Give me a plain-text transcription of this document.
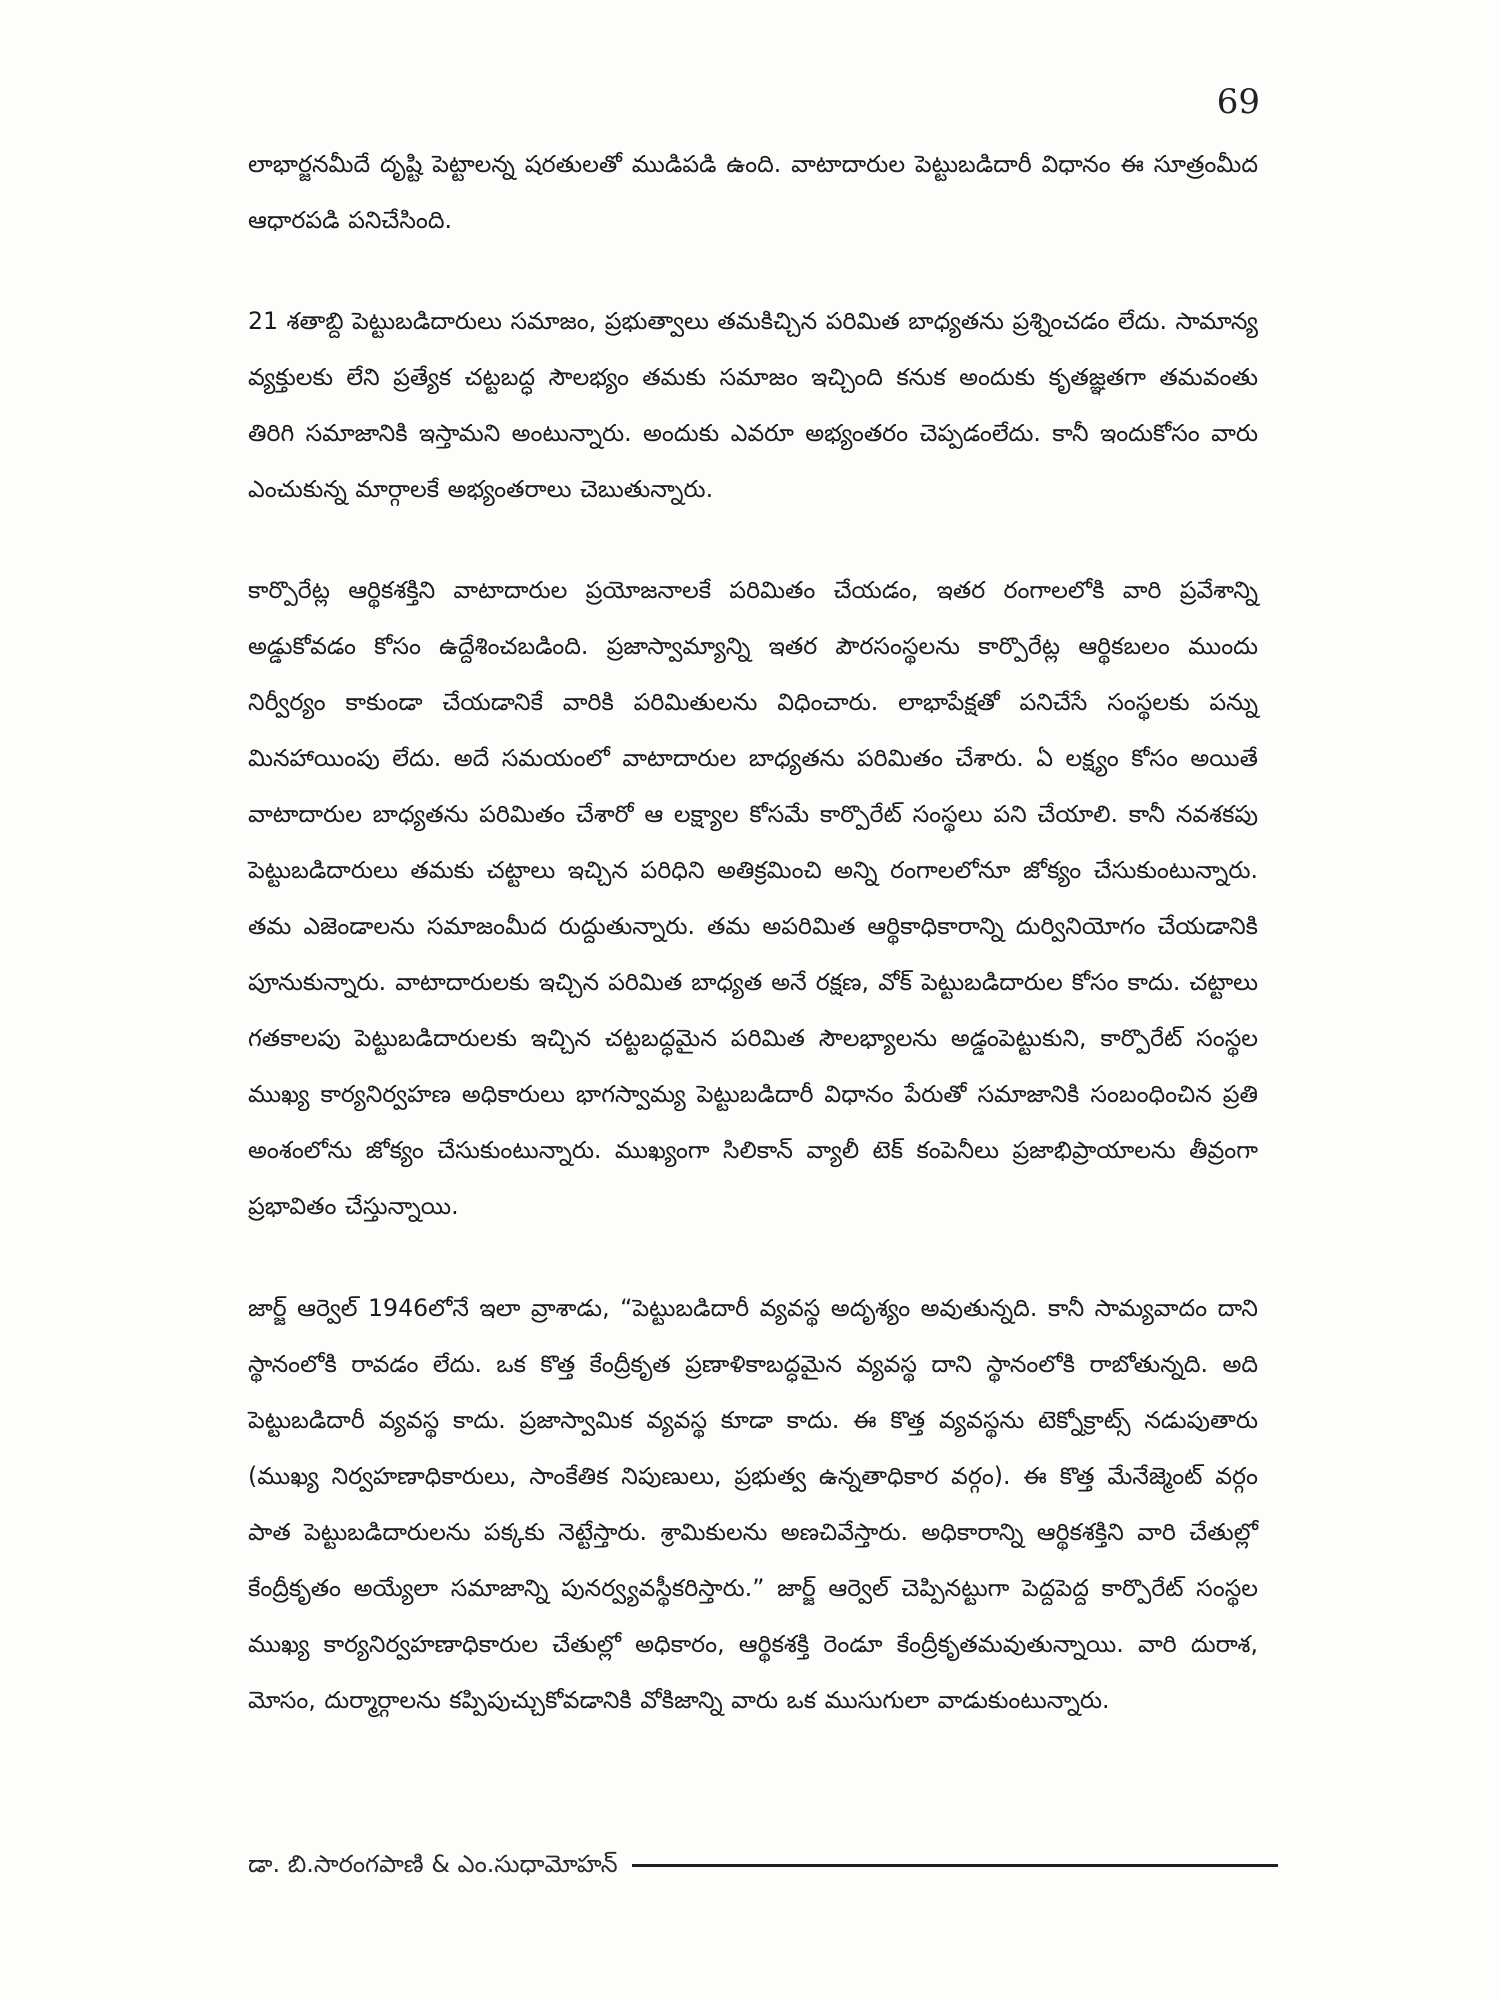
69

లాభార్జనమీదే దృష్టి పెట్టాలన్న షరతులతో ముడిపడి ఉంది. వాటాదారుల పెట్టుబడిదారీ విధానం ఈ సూత్రంమీద ఆధారపడి పనిచేసింది.

21 శతాబ్ది పెట్టుబడిదారులు సమాజం, ప్రభుత్వాలు తమకిచ్చిన పరిమిత బాధ్యతను ప్రశ్నించడం లేదు. సామాన్య వ్యక్తులకు లేని ప్రత్యేక చట్టబద్ధ సౌలభ్యం తమకు సమాజం ఇచ్చింది కనుక అందుకు కృతజ్ఞతగా తమవంతు తిరిగి సమాజానికి ఇస్తామని అంటున్నారు. అందుకు ఎవరూ అభ్యంతరం చెప్పడంలేదు. కానీ ఇందుకోసం వారు ఎంచుకున్న మార్గాలకే అభ్యంతరాలు చెబుతున్నారు.

కార్పొరేట్ల ఆర్థికశక్తిని వాటాదారుల ప్రయోజనాలకే పరిమితం చేయడం, ఇతర రంగాలలోకి వారి ప్రవేశాన్ని అడ్డుకోవడం కోసం ఉద్దేశించబడింది. ప్రజాస్వామ్యాన్ని ఇతర పౌరసంస్థలను కార్పొరేట్ల ఆర్థికబలం ముందు నిర్వీర్యం కాకుండా చేయడానికే వారికి పరిమితులను విధించారు. లాభాపేక్షతో పనిచేసే సంస్థలకు పన్ను మినహాయింపు లేదు. అదే సమయంలో వాటాదారుల బాధ్యతను పరిమితం చేశారు. ఏ లక్ష్యం కోసం అయితే వాటాదారుల బాధ్యతను పరిమితం చేశారో ఆ లక్ష్యాల కోసమే కార్పొరేట్ సంస్థలు పని చేయాలి. కానీ నవశకపు పెట్టుబడిదారులు తమకు చట్టాలు ఇచ్చిన పరిధిని అతిక్రమించి అన్ని రంగాలలోనూ జోక్యం చేసుకుంటున్నారు. తమ ఎజెండాలను సమాజంమీద రుద్దుతున్నారు. తమ అపరిమిత ఆర్థికాధికారాన్ని దుర్వినియోగం చేయడానికి పూనుకున్నారు. వాటాదారులకు ఇచ్చిన పరిమిత బాధ్యత అనే రక్షణ, వోక్ పెట్టుబడిదారుల కోసం కాదు. చట్టాలు గతకాలపు పెట్టుబడిదారులకు ఇచ్చిన చట్టబద్ధమైన పరిమిత సౌలభ్యాలను అడ్డంపెట్టుకుని, కార్పొరేట్ సంస్థల ముఖ్య కార్యనిర్వహణ అధికారులు భాగస్వామ్య పెట్టుబడిదారీ విధానం పేరుతో సమాజానికి సంబంధించిన ప్రతి అంశంలోను జోక్యం చేసుకుంటున్నారు. ముఖ్యంగా సిలికాన్ వ్యాలీ టెక్ కంపెనీలు ప్రజాభిప్రాయాలను తీవ్రంగా ప్రభావితం చేస్తున్నాయి.

జార్జ్ ఆర్వెల్ 1946లోనే ఇలా వ్రాశాడు, “పెట్టుబడిదారీ వ్యవస్థ అదృశ్యం అవుతున్నది. కానీ సామ్యవాదం దాని స్థానంలోకి రావడం లేదు. ఒక కొత్త కేంద్రీకృత ప్రణాళికాబద్ధమైన వ్యవస్థ దాని స్థానంలోకి రాబోతున్నది. అది పెట్టుబడిదారీ వ్యవస్థ కాదు. ప్రజాస్వామిక వ్యవస్థ కూడా కాదు. ఈ కొత్త వ్యవస్థను టెక్నోక్రాట్స్ నడుపుతారు (ముఖ్య నిర్వహణాధికారులు, సాంకేతిక నిపుణులు, ప్రభుత్వ ఉన్నతాధికార వర్గం). ఈ కొత్త మేనేజ్మెంట్ వర్గం పాత పెట్టుబడిదారులను పక్కకు నెట్టేస్తారు. శ్రామికులను అణచివేస్తారు. అధికారాన్ని ఆర్థికశక్తిని వారి చేతుల్లో కేంద్రీకృతం అయ్యేలా సమాజాన్ని పునర్వ్యవస్థీకరిస్తారు.” జార్జ్ ఆర్వెల్ చెప్పినట్టుగా పెద్దపెద్ద కార్పొరేట్ సంస్థల ముఖ్య కార్యనిర్వహణాధికారుల చేతుల్లో అధికారం, ఆర్థికశక్తి రెండూ కేంద్రీకృతమవుతున్నాయి. వారి దురాశ, మోసం, దుర్మార్గాలను కప్పిపుచ్చుకోవడానికి వోకిజాన్ని వారు ఒక ముసుగులా వాడుకుంటున్నారు.

డా. బి.సారంగపాణి & ఎం.సుధామోహన్
